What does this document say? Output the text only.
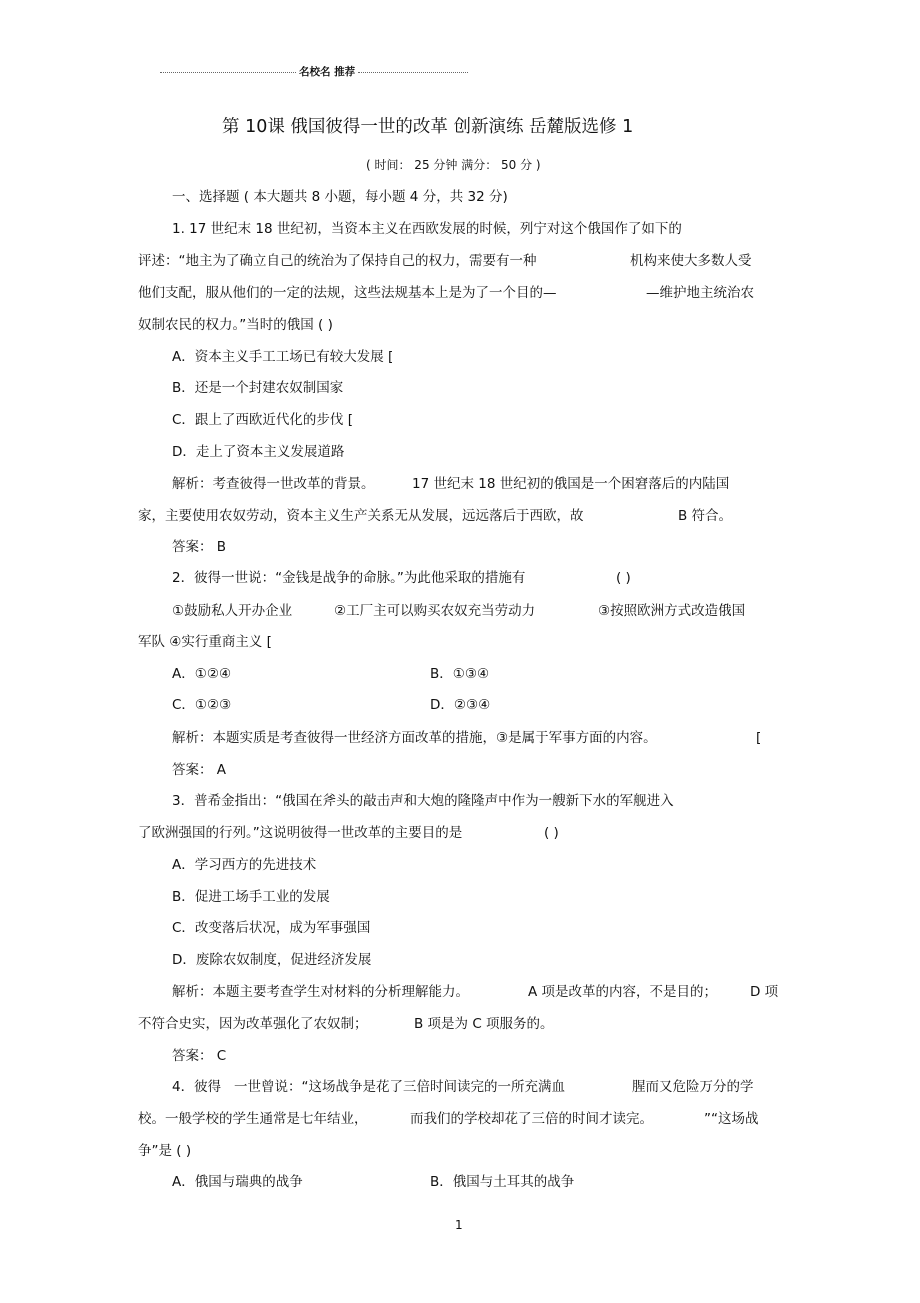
名校名 推荐
第 10课 俄国彼得一世的改革 创新演练 岳麓版选修 1
( 时间： 25 分钟 满分： 50 分 )
一、选择题 ( 本大题共 8 小题，每小题 4 分，共 32 分)
1. 17 世纪末 18 世纪初，当资本主义在西欧发展的时候，列宁对这个俄国作了如下的
评述：“地主为了确立自己的统治为了保持自己的权力，需要有一种	机构来使大多数人受
他们支配，服从他们的一定的法规，这些法规基本上是为了一个目的—	—维护地主统治农
奴制农民的权力。”当时的俄国 ( )
A．资本主义手工工场已有较大发展 [
B．还是一个封建农奴制国家
C．跟上了西欧近代化的步伐 [
D．走上了资本主义发展道路
解析：考查彼得一世改革的背景。	17 世纪末 18 世纪初的俄国是一个困窘落后的内陆国
家，主要使用农奴劳动，资本主义生产关系无从发展，远远落后于西欧，故	B 符合。
答案： B
2．彼得一世说：“金钱是战争的命脉。”为此他采取的措施有	( )
①鼓励私人开办企业	②工厂主可以购买农奴充当劳动力	③按照欧洲方式改造俄国
军队 ④实行重商主义 [
A．①②④	B．①③④
C．①②③	D．②③④
解析：本题实质是考查彼得一世经济方面改革的措施，③是属于军事方面的内容。	[
答案： A
3．普希金指出：“俄国在斧头的敲击声和大炮的隆隆声中作为一艘新下水的军舰进入
了欧洲强国的行列。”这说明彼得一世改革的主要目的是	( )
A．学习西方的先进技术
B．促进工场手工业的发展
C．改变落后状况，成为军事强国
D．废除农奴制度，促进经济发展
解析：本题主要考查学生对材料的分析理解能力。	A 项是改革的内容，不是目的； D 项
不符合史实，因为改革强化了农奴制；	B 项是为 C 项服务的。
答案： C
4．彼得 一世曾说：“这场战争是花了三倍时间读完的一所充满血	腥而又危险万分的学
校。一般学校的学生通常是七年结业，	而我们的学校却花了三倍的时间才读完。	”“这场战
争”是 ( )
A．俄国与瑞典的战争	B．俄国与土耳其的战争
1
